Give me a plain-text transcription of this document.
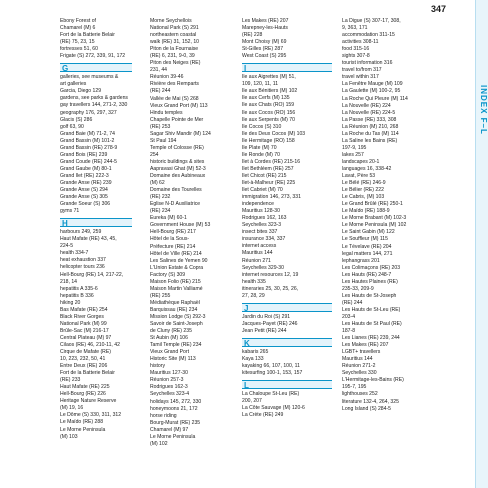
347
INDEX F–L
Ebony Forest of
Chamarel (M) 6
Fort de la Batterie Belair
(RE) 75, 23, 15
fortresses 51, 60
Frigate (S) 272, 339, 91, 172
G
galleries, see museums &
art galleries
Garcia, Diego 129
gardens, see parks & gardens
gay travellers 144, 271-2, 330
geography 176, 297, 327
Glacis (S) 286
golf 63, 90
Grand Baie (M) 71-2, 74
Grand Bassin (M) 101-2
Grand Bassin (RE) 278-9
Grand Bois (RE) 239
Grand Coude (RE) 244-5
Grand Gaube (M) 80-1
Grand Ilet (RE) 222-3
Grande Anse (RE) 239
Grande Anse (S) 294
Grande Anse (S) 305
Grande Soeur (S) 306
gyms 71
H
harbours 249, 259
Haut Mafate (RE) 43, 45,
224-5
health 334-7
heat exhaustion 337
helicopter tours 236
Hell-Bourg (RE) 14, 217-22,
218, 14
hepatitis A 335-6
hepatitis B 336
hiking 20
Bas Mafate (RE) 254
Black River Gorges
National Park (M) 99
Brûle-Sac (M) 216-17
Central Plateau (M) 97
Cilaos (RE) 46, 210-11, 42
Cirque de Mafate (RE)
10, 223, 232, 50, 41
Entre Deux (RE) 206
Fort de la Batterie Belair
(RE) 233
Haut Mafate (RE) 225
Hell-Bourg (RE) 226
Heritage Nature Reserve
(M) 19, 16
Le Dôme (S) 330, 311, 312
Le Maïdo (RE) 288
Le Morne Peninsula
(M) 103
Morne Seychellois
National Park (S) 291
northeastern coastal
walk (RE) 31, 152, 10
Piton de la Fournaise
(RE) 6, 231, 9-0, 39
Piton des Neiges (RE)
231, 44
Réunion 39-46
Rivière des Remparts
(RE) 244
Vallée de Mai (S) 268
Vieux Grand Port (M) 113
Hindu temples
Chapelle Pointe de Mer
(RE) 253
Sagar Shiv Mandir (M) 124
St Paul 194
Temple of Colosse (RE)
254
historic buildings & sites
Aapravasi Ghat (M) 52-3
Domaine des Aubineaux
(M) 62
Domaine des Tourelles
(RE) 232
Eglise N-D Auxiliatrice
(RE) 234
Eureka (M) 60-1
Government House (M) 53
Hell-Bourg (RE) 217
Hôtel de la Sous-
Préfecture (RE) 214
Hôtel de Ville (RE) 214
Les Salines de Yemen 90
L'Union Estate & Copra
Factory (S) 309
Maison Folio (RE) 215
Maison Martin Valliamé
(RE) 255
Médiathèque Raphaël
Barquissau (RE) 234
Mission Lodge (S) 292-3
Savoir de Saint-Joseph
de Cluny (RE) 235
St Aubin (M) 106
Tamil Temple (RE) 234
Vieux Grand Port
Historic Site (M) 113
history
Mauritius 127-30
Réunion 257-3
Rodrigues 162-3
Seychelles 323-4
holidays 145, 272, 330
honeymoons 21, 172
horse riding
Bourg-Murat (RE) 235
Chamarel (M) 97
Le Morne Peninsula
(M) 102
Les Makes (RE) 207
Marepney-les-Hauts
(RE) 228
Mont Choisy (M) 69
St-Gilles (RE) 287
West Coast (S) 295
I
Île aux Aigrettes (M) 51,
109, 120, 11, 11
Île aux Bénitiers (M) 102
Île aux Cerfs (M) 135
Île aux Chats (RO) 159
Île aux Cocos (RO) 156
Île aux Serpents (M) 70
Île Cocos (S) 310
Île des Deux Cocos (M) 103
Île Hermitage (RO) 158
Île Plate (M) 70
Île Ronde (M) 70
Îlet à Cordes (RE) 215-16
Îlet Bethléem (RE) 257
Îlet Chicot (RE) 215
Îlet-à-Malheur (RE) 225
Îlet Cabriet (M) 70
immigration 146, 273, 331
independence
Mauritius 128-30
Rodrigues 162, 163
Seychelles 323-3
insect bites 337
insurance 334, 337
internet access
Mauritius 144
Réunion 271
Seychelles 329-30
internet resources 12, 19
health 335
itineraries 25, 30, 25, 26,
27, 28, 29
J
Jardin du Roi (S) 291
Jacques-Payet (RE) 246
Jean Petit (RE) 244
K
kabaris 265
Kaya 133
kayaking 66, 107, 100, 11
kitesurfing 100-1, 153, 157
L
La Chaloupe St-Leu (RE)
200, 207
La Côte Sauvage (M) 120-6
La Crète (RE) 249
La Digue (S) 307-17, 308,
9, 363, 171
accommodation 311-15
activities 308-11
food 315-16
sights 307-8
tourist information 316
travel to/from 317
travel within 317
La Fenêtre Mauge (M) 109
La Gaulette (M) 100-2, 95
La Roche Qui Pleure (M) 114
La Nouvelle (RE) 224
La Nouvelle (RE) 224-5
La Passe (RE) 333, 308
La Réunion (M) 210, 268
La Roche du Tas (M) 114
La Saline les Bains (RE)
197-9, 195
lakes 257
landscapes 20-1
languages 16, 338-42
Lavat, Père 53
Le Bélé (RE) 246-9
Le Bélier (RE) 222
Le Cabris, (M) 103
Le Grand Brûlé (RE) 250-1
Le Maïdo (RE) 188-9
Le Morne Brabant (M) 102-3
Le Morne Peninsula (M) 102
Le Saint Gabin (M) 122
Le Souffleur (M) 115
Le Tévelave (RE) 204
legal matters 144, 271
lephangrass 201
Les Colimaçons (RE) 203
Les Hauts (RE) 248-7
Les Hautes Plaines (RE)
235-33, 209-9
Les Hauts de St-Joseph
(RE) 244
Les Hauts de St-Leu (RE)
203-4
Les Hauts de St Paul (RE)
187-8
Les Lianes (RE) 239, 244
Les Makes (RE) 207
LGBT+ travellers
Mauritius 144
Réunion 271-2
Seychelles 330
L'Hermitage-les-Bains (RE)
195-7, 195
lighthouses 252
literature 132-4, 264, 325
Long Island (S) 284-5
